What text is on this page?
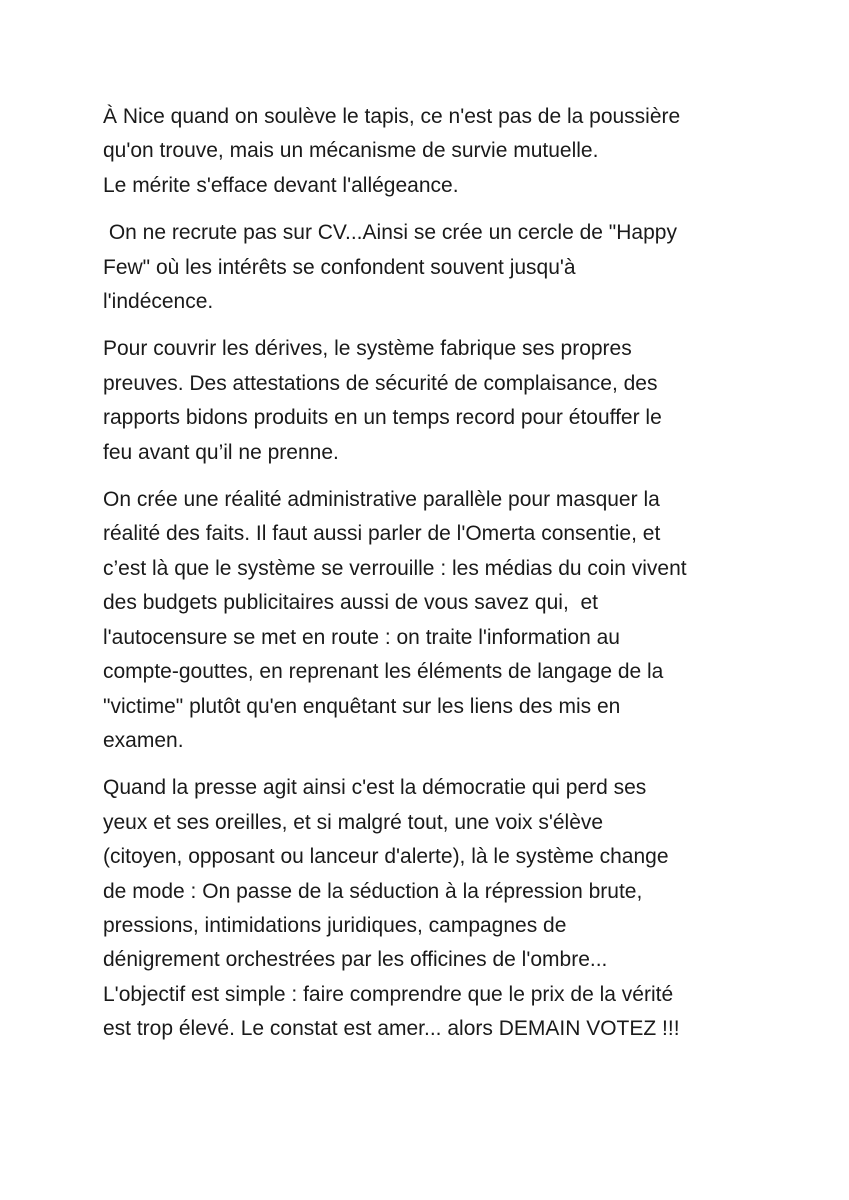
À Nice quand on soulève le tapis, ce n'est pas de la poussière
qu'on trouve, mais un mécanisme de survie mutuelle.
Le mérite s'efface devant l'allégeance.

On ne recrute pas sur CV...Ainsi se crée un cercle de "Happy
Few" où les intérêts se confondent souvent jusqu'à
l'indécence.

Pour couvrir les dérives, le système fabrique ses propres
preuves. Des attestations de sécurité de complaisance, des
rapports bidons produits en un temps record pour étouffer le
feu avant qu’il ne prenne.

On crée une réalité administrative parallèle pour masquer la
réalité des faits. Il faut aussi parler de l'Omerta consentie, et
c’est là que le système se verrouille : les médias du coin vivent
des budgets publicitaires aussi de vous savez qui,  et
l'autocensure se met en route : on traite l'information au
compte-gouttes, en reprenant les éléments de langage de la
"victime" plutôt qu'en enquêtant sur les liens des mis en
examen.

Quand la presse agit ainsi c'est la démocratie qui perd ses
yeux et ses oreilles, et si malgré tout, une voix s'élève
(citoyen, opposant ou lanceur d'alerte), là le système change
de mode : On passe de la séduction à la répression brute,
pressions, intimidations juridiques, campagnes de
dénigrement orchestrées par les officines de l'ombre...
L'objectif est simple : faire comprendre que le prix de la vérité
est trop élevé. Le constat est amer... alors DEMAIN VOTEZ !!!
